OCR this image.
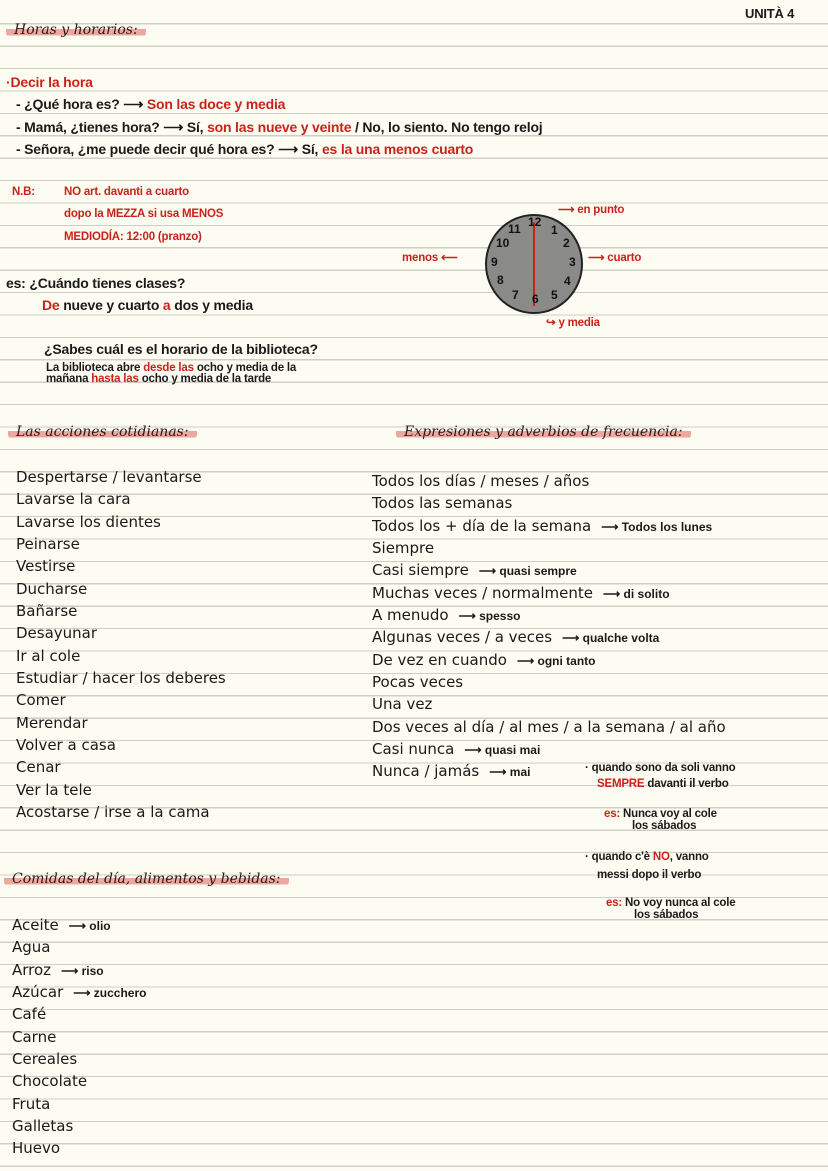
UNITÀ 4
Horas y horarios:
·Decir la hora
- ¿Qué hora es? ⟶ Son las doce y media
- Mamá, ¿tienes hora? ⟶ Sí, son las nueve y veinte / No, lo siento. No tengo reloj
- Señora, ¿me puede decir qué hora es? ⟶ Sí, es la una menos cuarto
N.B:	NO art. davanti a cuarto
dopo la MEZZA si usa MENOS
MEDIODÍA: 12:00 (pranzo)
es: ¿Cuándo tienes clases?
De nueve y cuarto a dos y media
¿Sabes cuál es el horario de la biblioteca?
La biblioteca abre desde las ocho y media de la
mañana hasta las ocho y media de la tarde
12
1
2
3
4
5
6
7
8
9
10
11
⟶ en punto
⟶ cuarto
menos ⟵
↪ y media
Las acciones cotidianas:
Despertarse / levantarse
Lavarse la cara
Lavarse los dientes
Peinarse
Vestirse
Ducharse
Bañarse
Desayunar
Ir al cole
Estudiar / hacer los deberes
Comer
Merendar
Volver a casa
Cenar
Ver la tele
Acostarse / irse a la cama
Expresiones y adverbios de frecuencia:
Todos los días / meses / años
Todos las semanas
Todos los + día de la semana ⟶ Todos los lunes
Siempre
Casi siempre ⟶ quasi sempre
Muchas veces / normalmente ⟶ di solito
A menudo ⟶ spesso
Algunas veces / a veces ⟶ qualche volta
De vez en cuando ⟶ ogni tanto
Pocas veces
Una vez
Dos veces al día / al mes / a la semana / al año
Casi nunca ⟶ quasi mai
Nunca / jamás ⟶ mai	· quando sono da soli vanno
SEMPRE davanti il verbo
es: Nunca voy al cole
los sábados
· quando c'è NO, vanno
messi dopo il verbo
es: No voy nunca al cole
los sábados
Comidas del día, alimentos y bebidas:
Aceite ⟶ olio
Agua
Arroz ⟶ riso
Azúcar ⟶ zucchero
Café
Carne
Cereales
Chocolate
Fruta
Galletas
Huevo
